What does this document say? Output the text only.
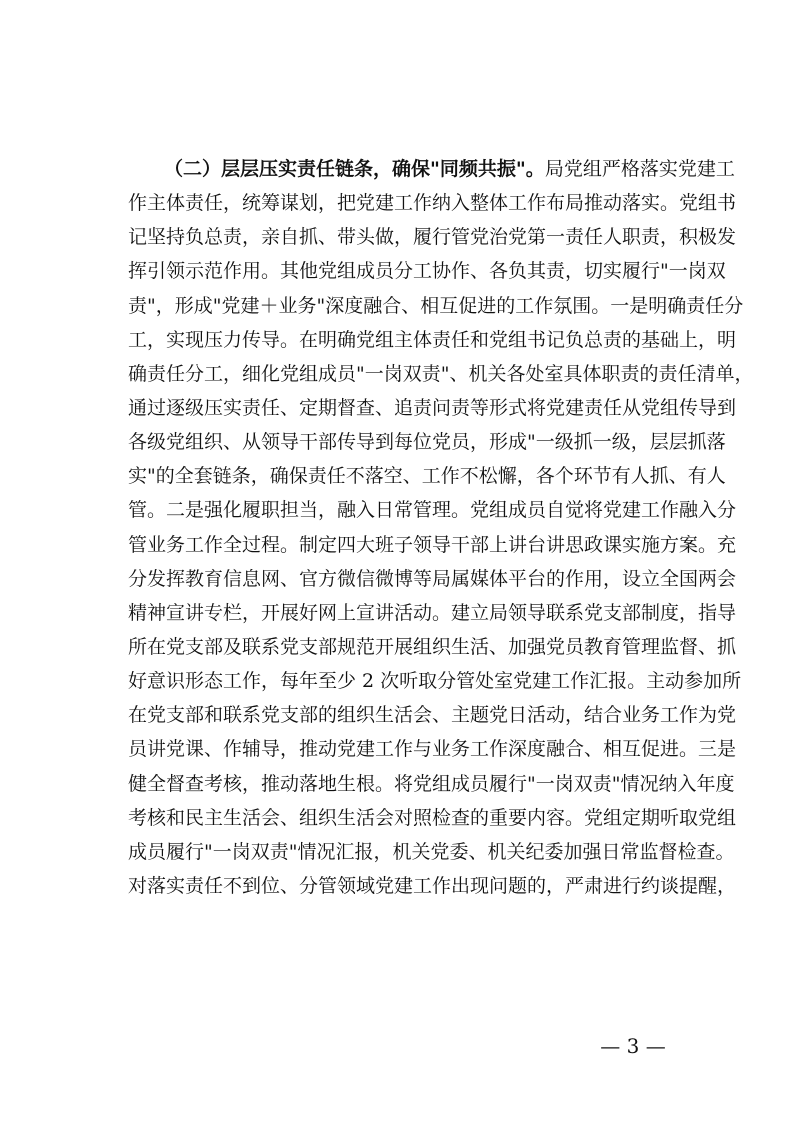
（二）层层压实责任链条，确保"同频共振"。局党组严格落实党建工
作主体责任，统筹谋划，把党建工作纳入整体工作布局推动落实。党组书
记坚持负总责，亲自抓、带头做，履行管党治党第一责任人职责，积极发
挥引领示范作用。其他党组成员分工协作、各负其责，切实履行"一岗双
责"，形成"党建＋业务"深度融合、相互促进的工作氛围。一是明确责任分
工，实现压力传导。在明确党组主体责任和党组书记负总责的基础上，明
确责任分工，细化党组成员"一岗双责"、机关各处室具体职责的责任清单，
通过逐级压实责任、定期督查、追责问责等形式将党建责任从党组传导到
各级党组织、从领导干部传导到每位党员，形成"一级抓一级，层层抓落
实"的全套链条，确保责任不落空、工作不松懈，各个环节有人抓、有人
管。二是强化履职担当，融入日常管理。党组成员自觉将党建工作融入分
管业务工作全过程。制定四大班子领导干部上讲台讲思政课实施方案。充
分发挥教育信息网、官方微信微博等局属媒体平台的作用，设立全国两会
精神宣讲专栏，开展好网上宣讲活动。建立局领导联系党支部制度，指导
所在党支部及联系党支部规范开展组织生活、加强党员教育管理监督、抓
好意识形态工作，每年至少 2 次听取分管处室党建工作汇报。主动参加所
在党支部和联系党支部的组织生活会、主题党日活动，结合业务工作为党
员讲党课、作辅导，推动党建工作与业务工作深度融合、相互促进。三是
健全督查考核，推动落地生根。将党组成员履行"一岗双责"情况纳入年度
考核和民主生活会、组织生活会对照检查的重要内容。党组定期听取党组
成员履行"一岗双责"情况汇报，机关党委、机关纪委加强日常监督检查。
对落实责任不到位、分管领域党建工作出现问题的，严肃进行约谈提醒，
— 3 —
